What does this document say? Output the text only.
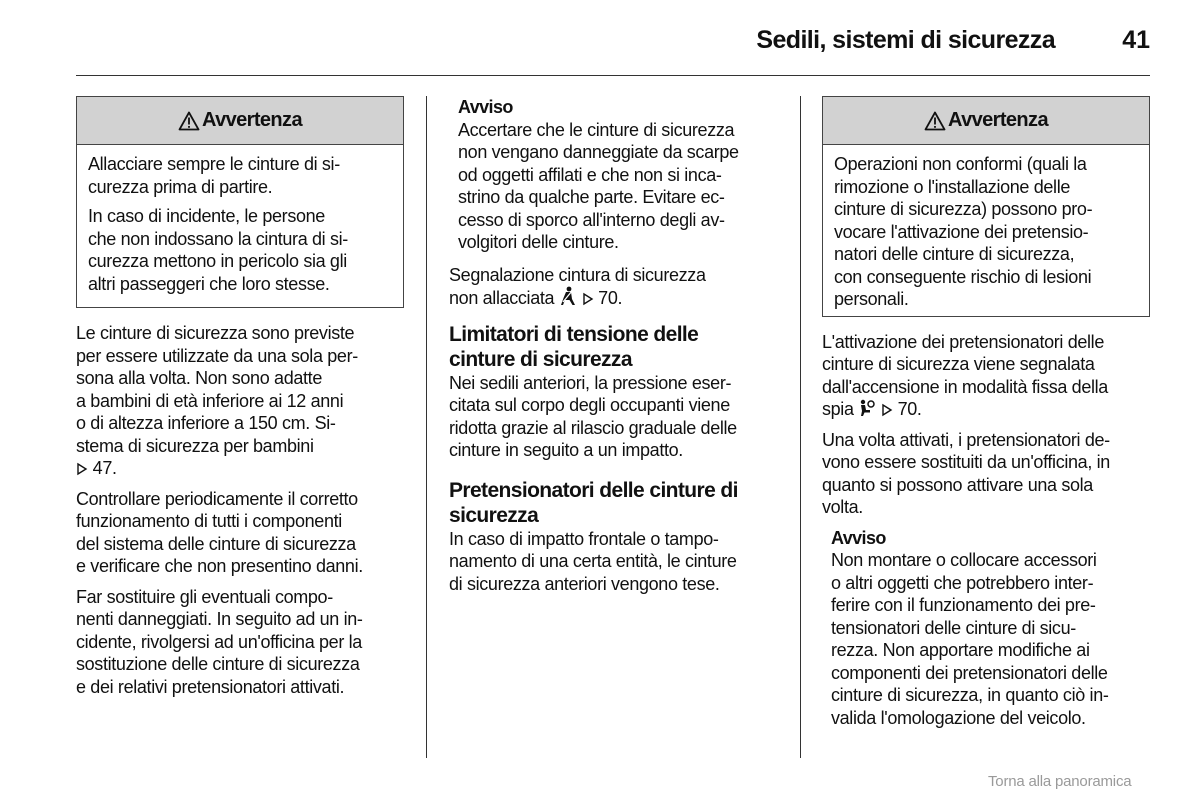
Sedili, sistemi di sicurezza	41
Avvertenza

Allacciare sempre le cinture di si-
curezza prima di partire.

In caso di incidente, le persone
che non indossano la cintura di si-
curezza mettono in pericolo sia gli
altri passeggeri che loro stesse.

Le cinture di sicurezza sono previste
per essere utilizzate da una sola per-
sona alla volta. Non sono adatte
a bambini di età inferiore ai 12 anni
o di altezza inferiore a 150 cm. Si-
stema di sicurezza per bambini
47.

Controllare periodicamente il corretto
funzionamento di tutti i componenti
del sistema delle cinture di sicurezza
e verificare che non presentino danni.

Far sostituire gli eventuali compo-
nenti danneggiati. In seguito ad un in-
cidente, rivolgersi ad un'officina per la
sostituzione delle cinture di sicurezza
e dei relativi pretensionatori attivati.

Avviso
Accertare che le cinture di sicurezza
non vengano danneggiate da scarpe
od oggetti affilati e che non si inca-
strino da qualche parte. Evitare ec-
cesso di sporco all'interno degli av-
volgitori delle cinture.

Segnalazione cintura di sicurezza
non allacciata 70.

Limitatori di tensione delle
cinture di sicurezza

Nei sedili anteriori, la pressione eser-
citata sul corpo degli occupanti viene
ridotta grazie al rilascio graduale delle
cinture in seguito a un impatto.

Pretensionatori delle cinture di
sicurezza

In caso di impatto frontale o tampo-
namento di una certa entità, le cinture
di sicurezza anteriori vengono tese.

Avvertenza
Operazioni non conformi (quali la
rimozione o l'installazione delle
cinture di sicurezza) possono pro-
vocare l'attivazione dei pretensio-
natori delle cinture di sicurezza,
con conseguente rischio di lesioni
personali.

L'attivazione dei pretensionatori delle
cinture di sicurezza viene segnalata
dall'accensione in modalità fissa della
spia 70.

Una volta attivati, i pretensionatori de-
vono essere sostituiti da un'officina, in
quanto si possono attivare una sola
volta.

Avviso
Non montare o collocare accessori
o altri oggetti che potrebbero inter-
ferire con il funzionamento dei pre-
tensionatori delle cinture di sicu-
rezza. Non apportare modifiche ai
componenti dei pretensionatori delle
cinture di sicurezza, in quanto ciò in-
valida l'omologazione del veicolo.
Torna alla panoramica
